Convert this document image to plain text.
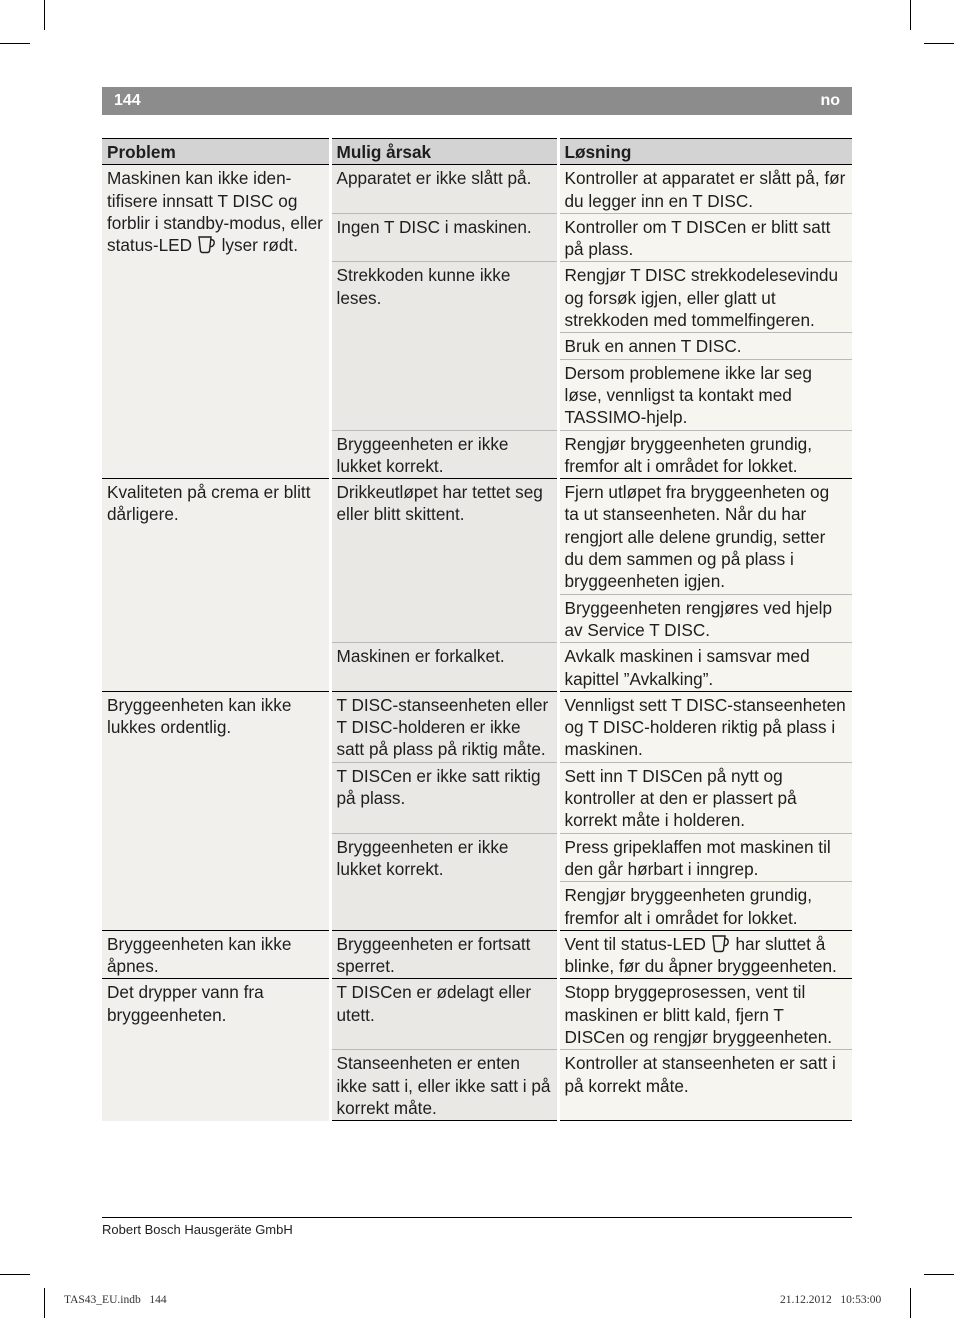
144	no
Problem	Mulig årsak	Løsning
Maskinen kan ikke identifisere innsatt T DISC og forblir i standby-modus, eller status-LED  lyser rødt.	Apparatet er ikke slått på.	Kontroller at apparatet er slått på, før du legger inn en T DISC.
	Ingen T DISC i maskinen.	Kontroller om T DISCen er blitt satt på plass.
	Strekkoden kunne ikke leses.	Rengjør T DISC strekkodelesevindu og forsøk igjen, eller glatt ut strekkoden med tommelfingeren.
		Bruk en annen T DISC.
		Dersom problemene ikke lar seg løse, vennligst ta kontakt med TASSIMO-hjelp.
	Bryggeenheten er ikke lukket korrekt.	Rengjør bryggeenheten grundig, fremfor alt i området for lokket.
Kvaliteten på crema er blitt dårligere.	Drikkeutløpet har tettet seg eller blitt skittent.	Fjern utløpet fra bryggeenheten og ta ut stanseenheten. Når du har rengjort alle delene grundig, setter du dem sammen og på plass i bryggeenheten igjen.
		Bryggeenheten rengjøres ved hjelp av Service T DISC.
	Maskinen er forkalket.	Avkalk maskinen i samsvar med kapittel ”Avkalking”.
Bryggeenheten kan ikke lukkes ordentlig.	T DISC-stanseenheten eller T DISC-holderen er ikke satt på plass på riktig måte.	Vennligst sett T DISC-stanseenheten og T DISC-holderen riktig på plass i maskinen.
	T DISCen er ikke satt riktig på plass.	Sett inn T DISCen på nytt og kontroller at den er plassert på korrekt måte i holderen.
	Bryggeenheten er ikke lukket korrekt.	Press gripeklaffen mot maskinen til den går hørbart i inngrep.
		Rengjør bryggeenheten grundig, fremfor alt i området for lokket.
Bryggeenheten kan ikke åpnes.	Bryggeenheten er fortsatt sperret.	Vent til status-LED  har sluttet å blinke, før du åpner bryggeenheten.
Det drypper vann fra bryggeenheten.	T DISCen er ødelagt eller utett.	Stopp bryggeprosessen, vent til maskinen er blitt kald, fjern T DISCen og rengjør bryggeenheten.
	Stanseenheten er enten ikke satt i, eller ikke satt i på korrekt måte.	Kontroller at stanseenheten er satt i på korrekt måte.
Robert Bosch Hausgeräte GmbH
TAS43_EU.indb   144	21.12.2012   10:53:00
